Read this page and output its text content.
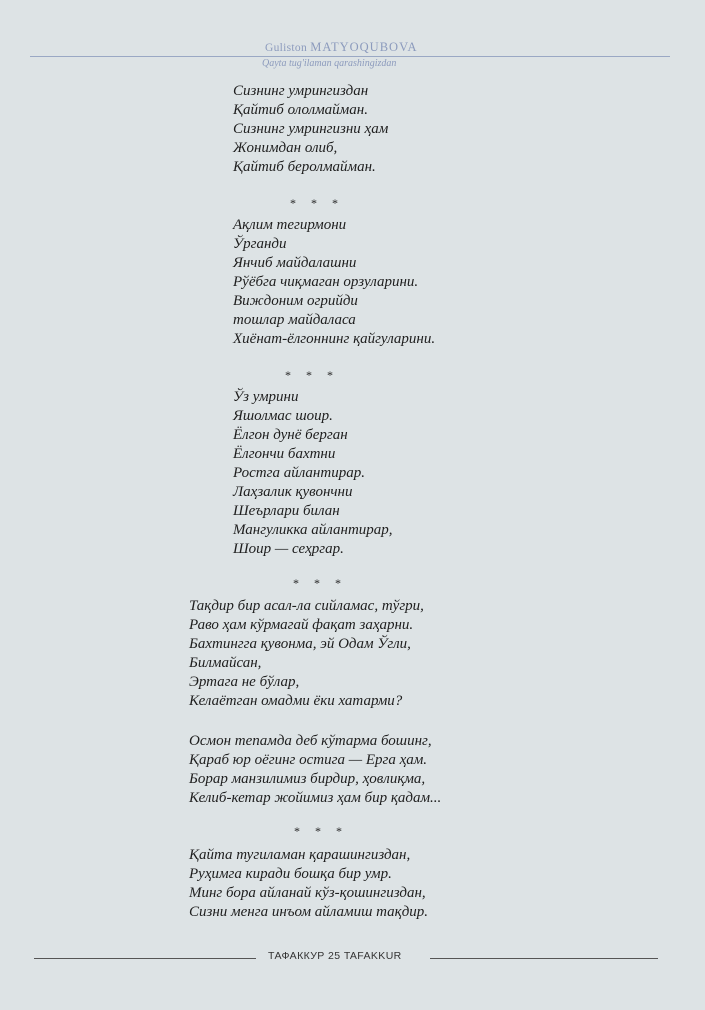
Guliston MATYOQUBOVA
Qayta tug'ilaman qarashingizdan
Сизнинг умрингиздан
Қайтиб ололмайман.
Сизнинг умрингизни ҳам
Жонимдан олиб,
Қайтиб беролмайман.
* * *
Ақлим тегирмони
Ўрганди
Янчиб майдалашни
Рўёбга чиқмаган орзуларини.
Виждоним огрийди
тошлар майдаласа
Хиёнат-ёлгоннинг қайгуларини.
* * *
Ўз умрини
Яшолмас шоир.
Ёлгон дунё берган
Ёлгончи бахтни
Ростга айлантирар.
Лаҳзалик қувончни
Шеърлари билан
Мангуликка айлантирар,
Шоир — сеҳргар.
* * *
Тақдир бир асал-ла сийламас, тўгри,
Раво ҳам кўрмагай фақат заҳарни.
Бахтингга қувонма, эй Одам Ўгли,
Билмайсан,
Эртага не бўлар,
Келаётган омадми ёки хатарми?
Осмон тепамда деб кўтарма бошинг,
Қараб юр оёгинг остига — Ерга ҳам.
Борар манзилимиз бирдир, ҳовлиқма,
Келиб-кетар жойимиз ҳам бир қадам...
* * *
Қайта тугиламан қарашингиздан,
Руҳимга киради бошқа бир умр.
Минг бора айланай кўз-қошингиздан,
Сизни менга инъом айламиш тақдир.
ТАФАККУР 25 TAFAKKUR
